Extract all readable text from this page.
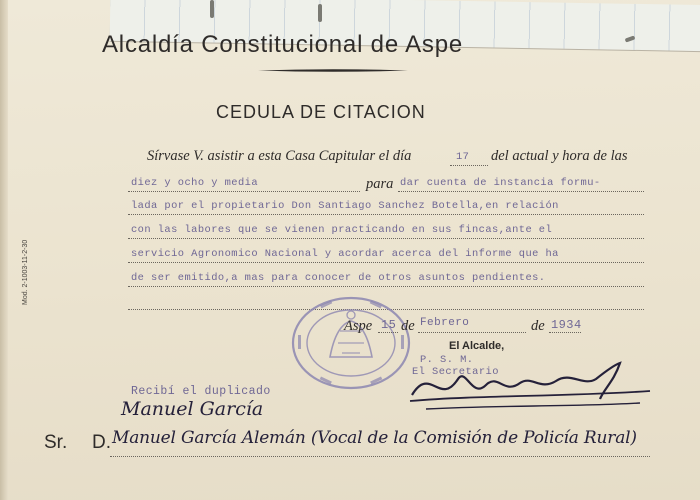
Alcaldía Constitucional de Aspe
CEDULA DE CITACION
Sírvase V. asistir a esta Casa Capitular el día	17 del actual y hora de las
diez y ocho y media	para dar cuenta de instancia formu-
lada por el propietario Don Santiago Sanchez Botella,en relación
con las labores que se vienen practicando en sus fincas,ante el
servicio Agronomico Nacional y acordar acerca del informe que ha
de ser emitido,a mas para conocer de otros asuntos pendientes.
Mod. 2-1003-11-2-30
Aspe 15 de Febrero	de 1934
El Alcalde,
P. S. M.
El Secretario
Recibí el duplicado
Manuel García
Sr. D. Manuel García Alemán (Vocal de la Comisión de Policía Rural)
